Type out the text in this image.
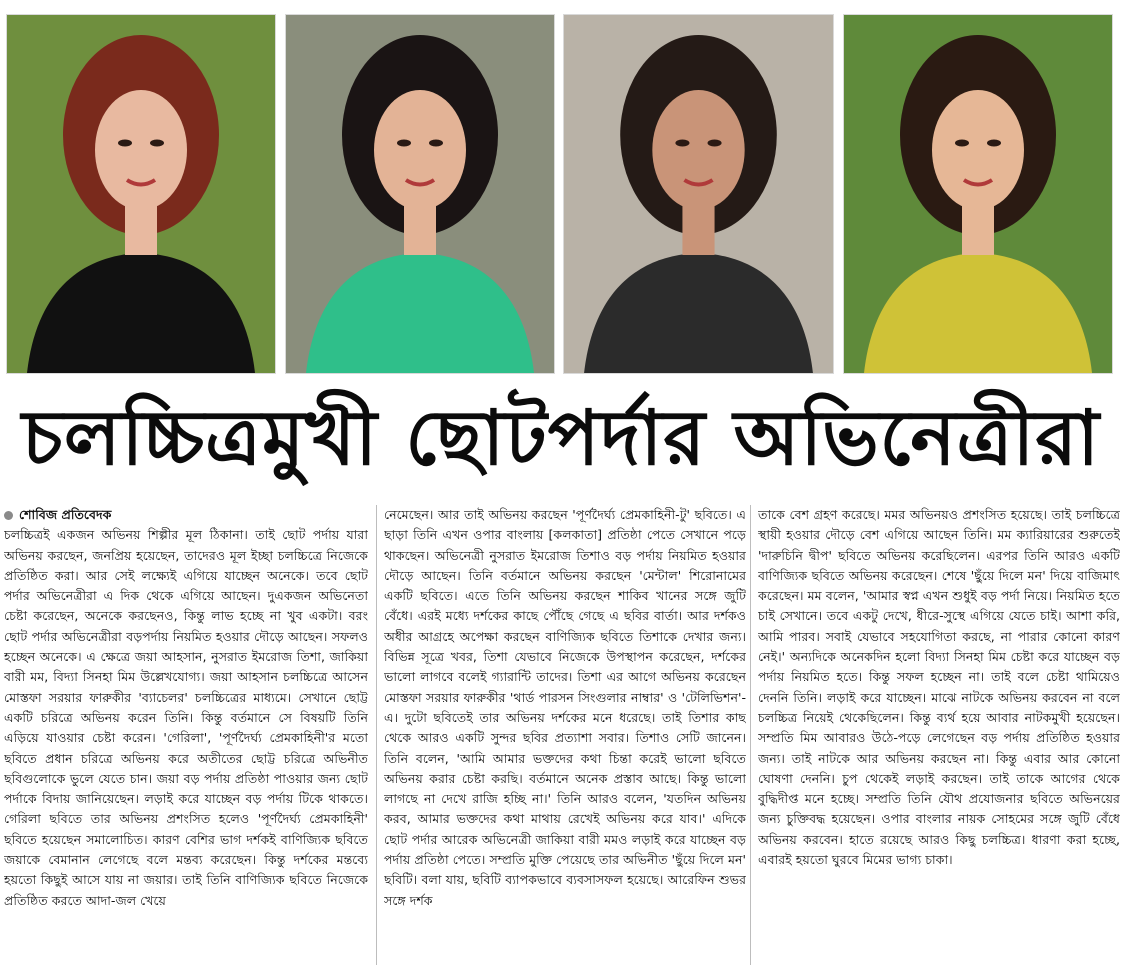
চলচ্চিত্রমুখী ছোটপর্দার অভিনেত্রীরা
শোবিজ প্রতিবেদক

চলচ্চিত্রই একজন অভিনয় শিল্পীর মূল ঠিকানা। তাই ছোট পর্দায় যারা অভিনয় করছেন, জনপ্রিয় হয়েছেন, তাদেরও মূল ইচ্ছা চলচ্চিত্রে নিজেকে প্রতিষ্ঠিত করা। আর সেই লক্ষ্যেই এগিয়ে যাচ্ছেন অনেকে। তবে ছোট পর্দার অভিনেত্রীরা এ দিক থেকে এগিয়ে আছেন। দুএকজন অভিনেতা চেষ্টা করেছেন, অনেকে করছেনও, কিন্তু লাভ হচ্ছে না খুব একটা। বরং ছোট পর্দার অভিনেত্রীরা বড়পর্দায় নিয়মিত হওয়ার দৌড়ে আছেন। সফলও হচ্ছেন অনেকে। এ ক্ষেত্রে জয়া আহসান, নুসরাত ইমরোজ তিশা, জাকিয়া বারী মম, বিদ্যা সিনহা মিম উল্লেখযোগ্য। জয়া আহসান চলচ্চিত্রে আসেন মোস্তফা সরয়ার ফারুকীর 'ব্যাচেলর' চলচ্চিত্রের মাধ্যমে। সেখানে ছোট্ট একটি চরিত্রে অভিনয় করেন তিনি। কিন্তু বর্তমানে সে বিষয়টি তিনি এড়িয়ে যাওয়ার চেষ্টা করেন। 'গেরিলা', 'পূর্ণদৈর্ঘ্য প্রেমকাহিনী'র মতো ছবিতে প্রধান চরিত্রে অভিনয় করে অতীতের ছোট্ট চরিত্রে অভিনীত ছবিগুলোকে ভুলে যেতে চান। জয়া বড় পর্দায় প্রতিষ্ঠা পাওয়ার জন্য ছোট পর্দাকে বিদায় জানিয়েছেন। লড়াই করে যাচ্ছেন বড় পর্দায় টিকে থাকতে। গেরিলা ছবিতে তার অভিনয় প্রশংসিত হলেও 'পূর্ণদৈর্ঘ্য প্রেমকাহিনী' ছবিতে হয়েছেন সমালোচিত। কারণ বেশির ভাগ দর্শকই বাণিজ্যিক ছবিতে জয়াকে বেমানান লেগেছে বলে মন্তব্য করেছেন। কিন্তু দর্শকের মন্তব্যে হয়তো কিছুই আসে যায় না জয়ার। তাই তিনি বাণিজ্যিক ছবিতে নিজেকে প্রতিষ্ঠিত করতে আদা-জল খেয়ে

নেমেছেন। আর তাই অভিনয় করছেন 'পূর্ণদৈর্ঘ্য প্রেমকাহিনী-টু' ছবিতে। এ ছাড়া তিনি এখন ওপার বাংলায় [কলকাতা] প্রতিষ্ঠা পেতে সেখানে পড়ে থাকছেন। অভিনেত্রী নুসরাত ইমরোজ তিশাও বড় পর্দায় নিয়মিত হওয়ার দৌড়ে আছেন। তিনি বর্তমানে অভিনয় করছেন 'মেন্টাল' শিরোনামের একটি ছবিতে। এতে তিনি অভিনয় করছেন শাকিব খানের সঙ্গে জুটি বেঁধে। এরই মধ্যে দর্শকের কাছে পৌঁছে গেছে এ ছবির বার্তা। আর দর্শকও অধীর আগ্রহে অপেক্ষা করছেন বাণিজ্যিক ছবিতে তিশাকে দেখার জন্য। বিভিন্ন সূত্রে খবর, তিশা যেভাবে নিজেকে উপস্থাপন করেছেন, দর্শকের ভালো লাগবে বলেই গ্যারান্টি তাদের। তিশা এর আগে অভিনয় করেছেন মোস্তফা সরয়ার ফারুকীর 'থার্ড পারসন সিংগুলার নাম্বার' ও 'টেলিভিশন'-এ। দুটো ছবিতেই তার অভিনয় দর্শকের মনে ধরেছে। তাই তিশার কাছ থেকে আরও একটি সুন্দর ছবির প্রত্যাশা সবার। তিশাও সেটি জানেন। তিনি বলেন, 'আমি আমার ভক্তদের কথা চিন্তা করেই ভালো ছবিতে অভিনয় করার চেষ্টা করছি। বর্তমানে অনেক প্রস্তাব আছে। কিন্তু ভালো লাগছে না দেখে রাজি হচ্ছি না।' তিনি আরও বলেন, 'যতদিন অভিনয় করব, আমার ভক্তদের কথা মাথায় রেখেই অভিনয় করে যাব।' এদিকে ছোট পর্দার আরেক অভিনেত্রী জাকিয়া বারী মমও লড়াই করে যাচ্ছেন বড় পর্দায় প্রতিষ্ঠা পেতে। সম্প্রতি মুক্তি পেয়েছে তার অভিনীত 'ছুঁয়ে দিলে মন' ছবিটি। বলা যায়, ছবিটি ব্যাপকভাবে ব্যবসাসফল হয়েছে। আরেফিন শুভর সঙ্গে দর্শক

তাকে বেশ গ্রহণ করেছে। মমর অভিনয়ও প্রশংসিত হয়েছে। তাই চলচ্চিত্রে স্থায়ী হওয়ার দৌড়ে বেশ এগিয়ে আছেন তিনি। মম ক্যারিয়ারের শুরুতেই 'দারুচিনি দ্বীপ' ছবিতে অভিনয় করেছিলেন। এরপর তিনি আরও একটি বাণিজ্যিক ছবিতে অভিনয় করেছেন। শেষে 'ছুঁয়ে দিলে মন' দিয়ে বাজিমাৎ করেছেন। মম বলেন, 'আমার স্বপ্ন এখন শুধুই বড় পর্দা নিয়ে। নিয়মিত হতে চাই সেখানে। তবে একটু দেখে, ধীরে-সুস্থে এগিয়ে যেতে চাই। আশা করি, আমি পারব। সবাই যেভাবে সহযোগিতা করছে, না পারার কোনো কারণ নেই।' অন্যদিকে অনেকদিন হলো বিদ্যা সিনহা মিম চেষ্টা করে যাচ্ছেন বড় পর্দায় নিয়মিত হতে। কিন্তু সফল হচ্ছেন না। তাই বলে চেষ্টা থামিয়েও দেননি তিনি। লড়াই করে যাচ্ছেন। মাঝে নাটকে অভিনয় করবেন না বলে চলচ্চিত্র নিয়েই থেকেছিলেন। কিন্তু ব্যর্থ হয়ে আবার নাটকমুখী হয়েছেন। সম্প্রতি মিম আবারও উঠে-পড়ে লেগেছেন বড় পর্দায় প্রতিষ্ঠিত হওয়ার জন্য। তাই নাটকে আর অভিনয় করছেন না। কিন্তু এবার আর কোনো ঘোষণা দেননি। চুপ থেকেই লড়াই করছেন। তাই তাকে আগের থেকে বুদ্ধিদীপ্ত মনে হচ্ছে। সম্প্রতি তিনি যৌথ প্রযোজনার ছবিতে অভিনয়ের জন্য চুক্তিবদ্ধ হয়েছেন। ওপার বাংলার নায়ক সোহমের সঙ্গে জুটি বেঁধে অভিনয় করবেন। হাতে রয়েছে আরও কিছু চলচ্চিত্র। ধারণা করা হচ্ছে, এবারই হয়তো ঘুরবে মিমের ভাগ্য চাকা।
